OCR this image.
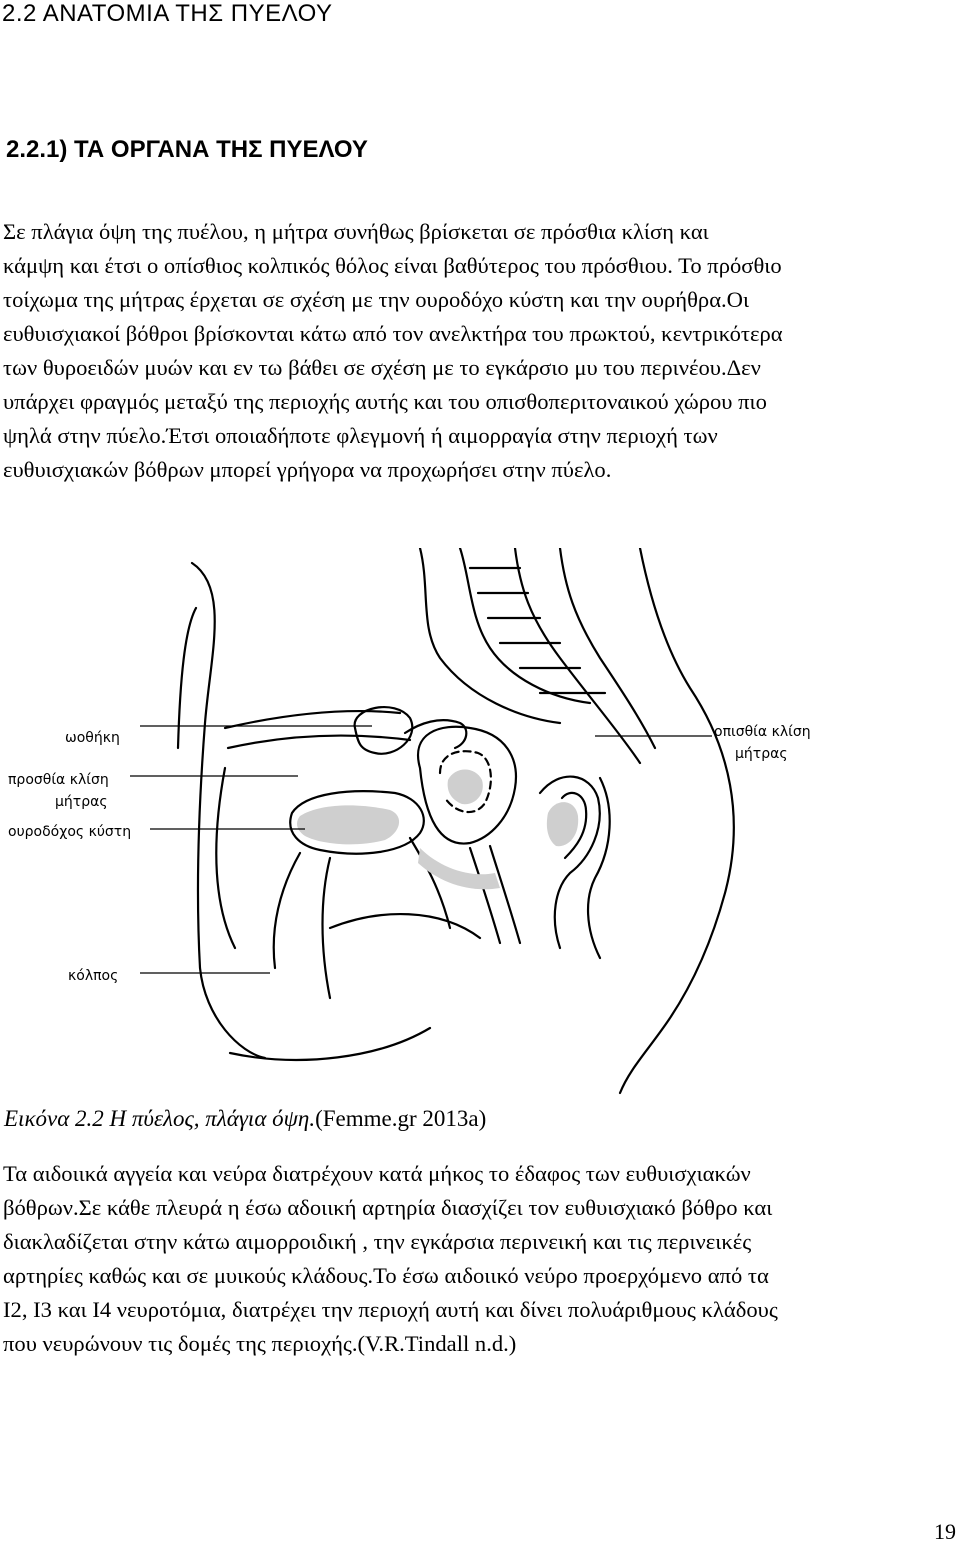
2.2 ΑΝΑΤΟΜΙΑ ΤΗΣ ΠΥΕΛΟΥ
2.2.1) ΤΑ ΟΡΓΑΝΑ ΤΗΣ ΠΥΕΛΟΥ
Σε πλάγια όψη της πυέλου, η μήτρα συνήθως βρίσκεται σε πρόσθια κλίση και
κάμψη και έτσι ο οπίσθιος κολπικός θόλος είναι βαθύτερος του πρόσθιου. Το πρόσθιο
τοίχωμα της μήτρας έρχεται σε σχέση με την ουροδόχο κύστη και την ουρήθρα.Οι
ευθυισχιακοί βόθροι βρίσκονται κάτω από τον ανελκτήρα του πρωκτού, κεντρικότερα
των θυροειδών μυών και εν τω βάθει σε σχέση με το εγκάρσιο μυ του περινέου.Δεν
υπάρχει φραγμός μεταξύ της περιοχής αυτής και του οπισθοπεριτοναικού χώρου πιο
ψηλά στην πύελο.Έτσι οποιαδήποτε φλεγμονή ή αιμορραγία στην περιοχή των
ευθυισχιακών βόθρων μπορεί γρήγορα να προχωρήσει στην πύελο.
ωοθήκη
προσθία κλίση
μήτρας
ουροδόχος κύστη
κόλπος
οπισθία κλίση
μήτρας
Εικόνα 2.2 Η πύελος, πλάγια όψη.(Femme.gr 2013a)
Τα αιδοιικά αγγεία και νεύρα διατρέχουν κατά μήκος το έδαφος των ευθυισχιακών
βόθρων.Σε κάθε πλευρά η έσω αδοιική αρτηρία διασχίζει τον ευθυισχιακό βόθρο και
διακλαδίζεται στην κάτω αιμορροιδική , την εγκάρσια περινεική και τις περινεικές
αρτηρίες καθώς και σε μυικούς κλάδους.Το έσω αιδοιικό νεύρο προερχόμενο από τα
Ι2, Ι3 και Ι4 νευροτόμια, διατρέχει την περιοχή αυτή και δίνει πολυάριθμους κλάδους
που νευρώνουν τις δομές της περιοχής.(V.R.Tindall n.d.)
19
